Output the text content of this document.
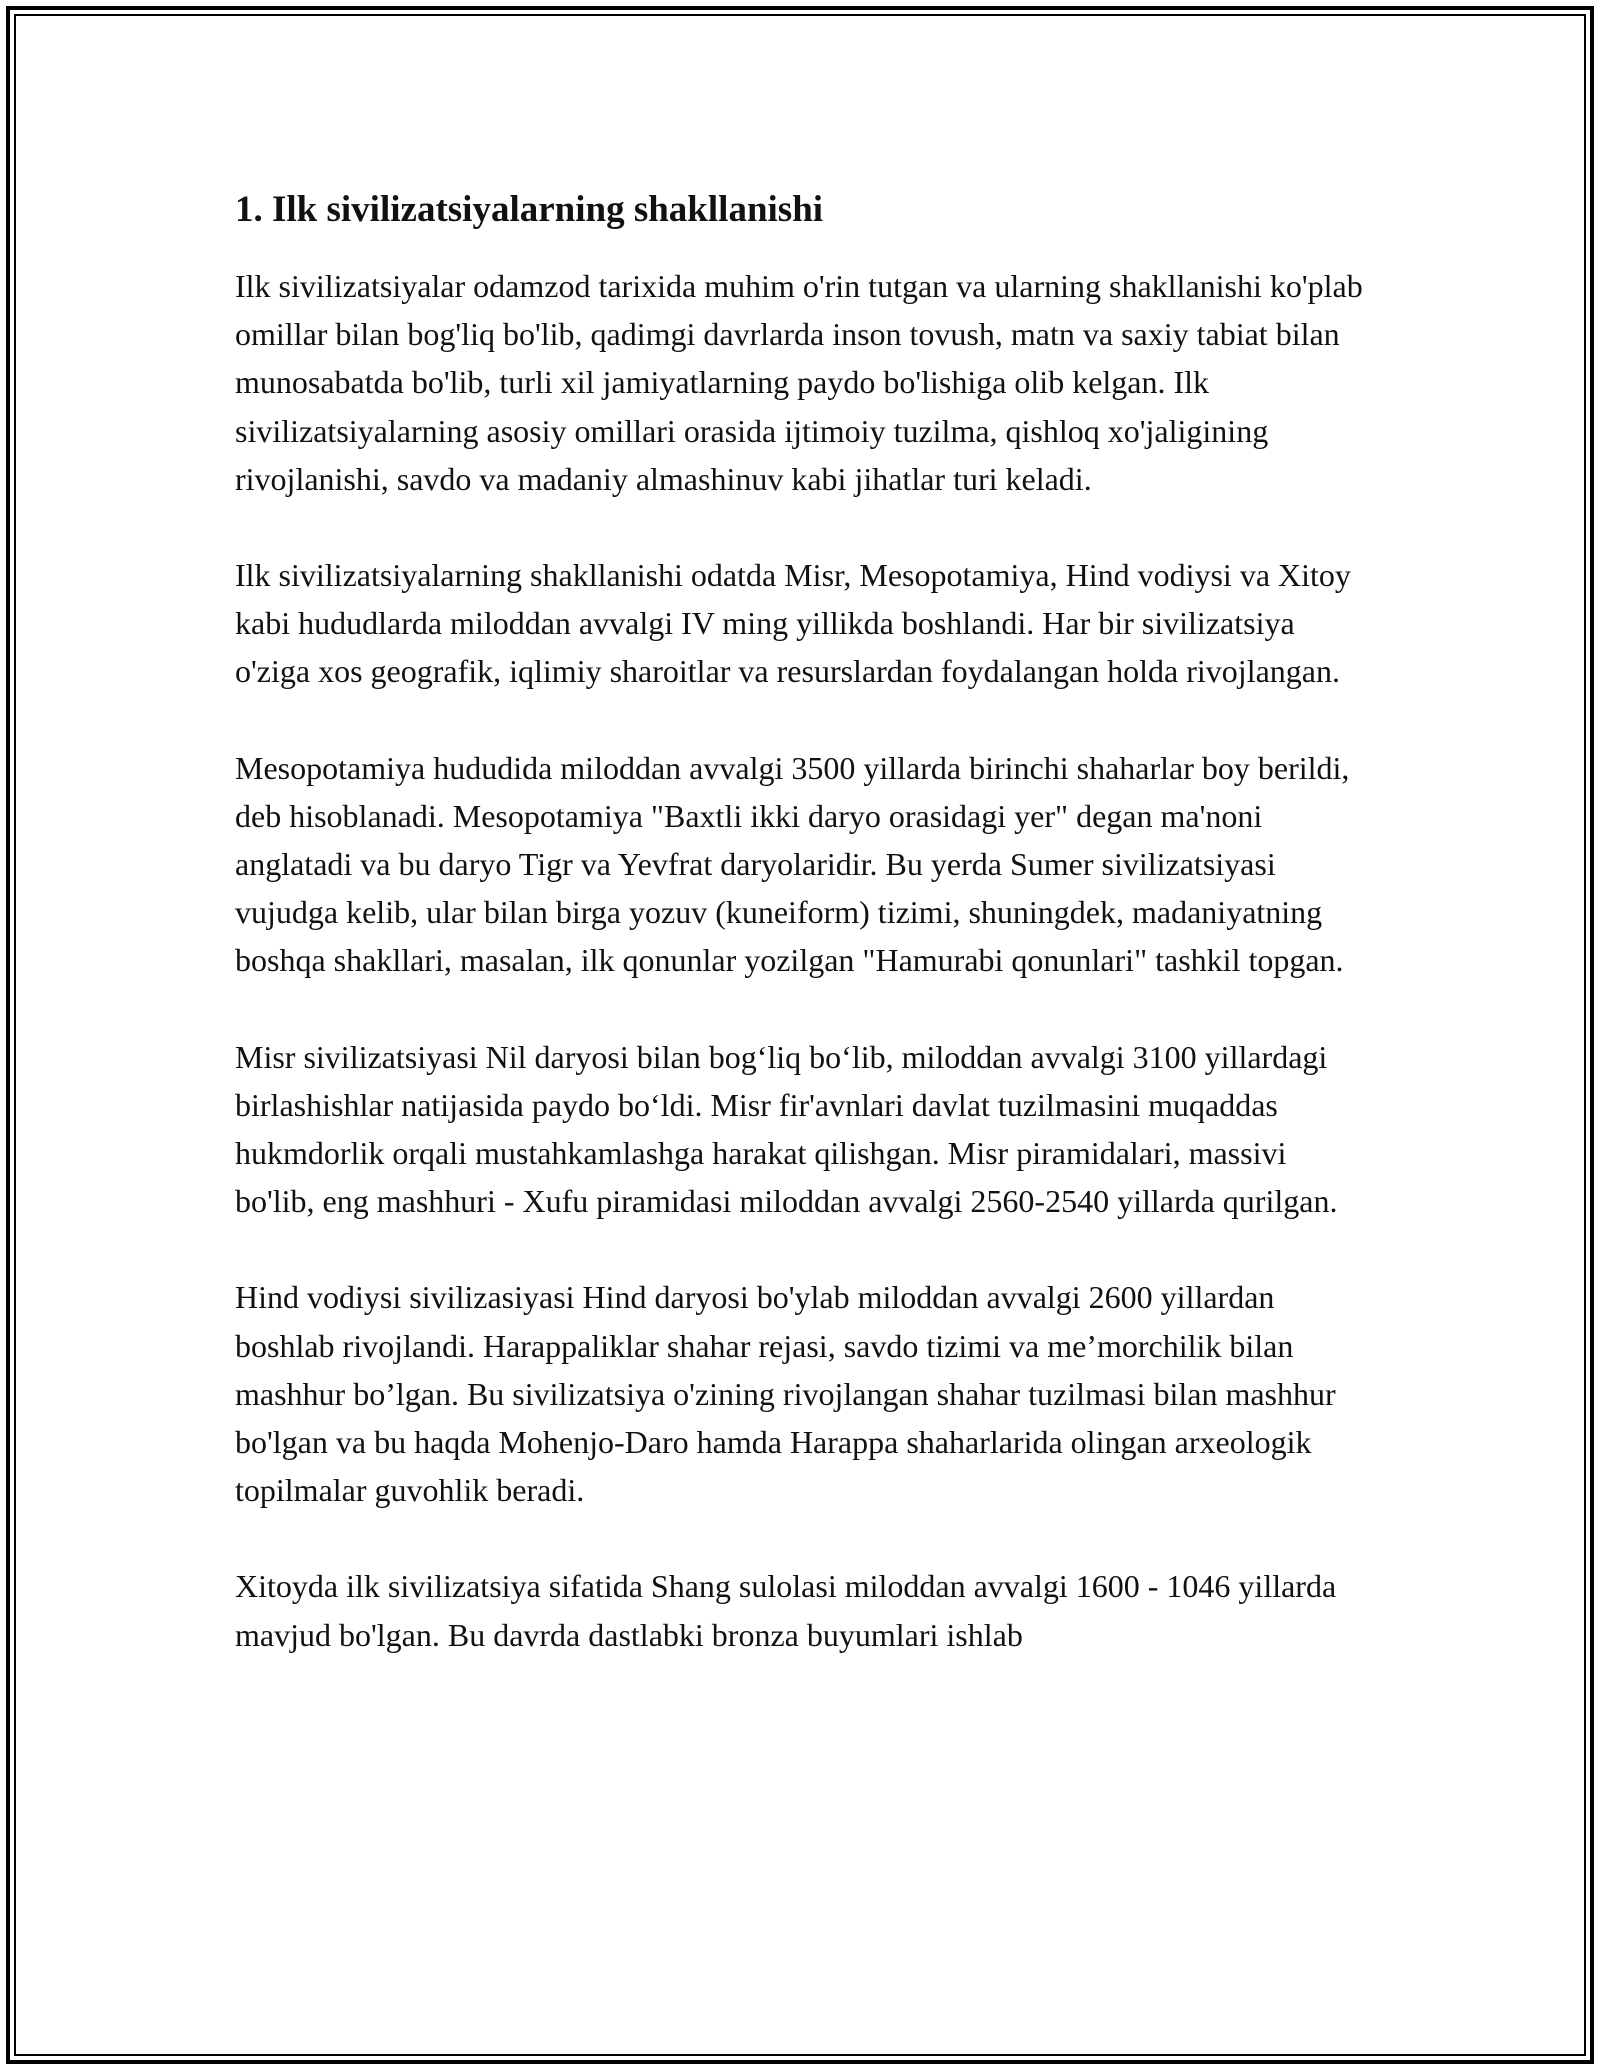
1. Ilk sivilizatsiyalarning shakllanishi

Ilk sivilizatsiyalar odamzod tarixida muhim o'rin tutgan va ularning shakllanishi ko'plab omillar bilan bog'liq bo'lib, qadimgi davrlarda inson tovush, matn va saxiy tabiat bilan munosabatda bo'lib, turli xil jamiyatlarning paydo bo'lishiga olib kelgan. Ilk sivilizatsiyalarning asosiy omillari orasida ijtimoiy tuzilma, qishloq xo'jaligining rivojlanishi, savdo va madaniy almashinuv kabi jihatlar turi keladi.

Ilk sivilizatsiyalarning shakllanishi odatda Misr, Mesopotamiya, Hind vodiysi va Xitoy kabi hududlarda miloddan avvalgi IV ming yillikda boshlandi. Har bir sivilizatsiya o'ziga xos geografik, iqlimiy sharoitlar va resurslardan foydalangan holda rivojlangan.

Mesopotamiya hududida miloddan avvalgi 3500 yillarda birinchi shaharlar boy berildi, deb hisoblanadi. Mesopotamiya "Baxtli ikki daryo orasidagi yer" degan ma'noni anglatadi va bu daryo Tigr va Yevfrat daryolaridir. Bu yerda Sumer sivilizatsiyasi vujudga kelib, ular bilan birga yozuv (kuneiform) tizimi, shuningdek, madaniyatning boshqa shakllari, masalan, ilk qonunlar yozilgan "Hamurabi qonunlari" tashkil topgan.

Misr sivilizatsiyasi Nil daryosi bilan bog‘liq bo‘lib, miloddan avvalgi 3100 yillardagi birlashishlar natijasida paydo bo‘ldi. Misr fir'avnlari davlat tuzilmasini muqaddas hukmdorlik orqali mustahkamlashga harakat qilishgan. Misr piramidalari, massivi bo'lib, eng mashhuri - Xufu piramidasi miloddan avvalgi 2560-2540 yillarda qurilgan.

Hind vodiysi sivilizasiyasi Hind daryosi bo'ylab miloddan avvalgi 2600 yillardan boshlab rivojlandi. Harappaliklar shahar rejasi, savdo tizimi va me’morchilik bilan mashhur bo’lgan. Bu sivilizatsiya o'zining rivojlangan shahar tuzilmasi bilan mashhur bo'lgan va bu haqda Mohenjo-Daro hamda Harappa shaharlarida olingan arxeologik topilmalar guvohlik beradi.

Xitoyda ilk sivilizatsiya sifatida Shang sulolasi miloddan avvalgi 1600 - 1046 yillarda mavjud bo'lgan. Bu davrda dastlabki bronza buyumlari ishlab
